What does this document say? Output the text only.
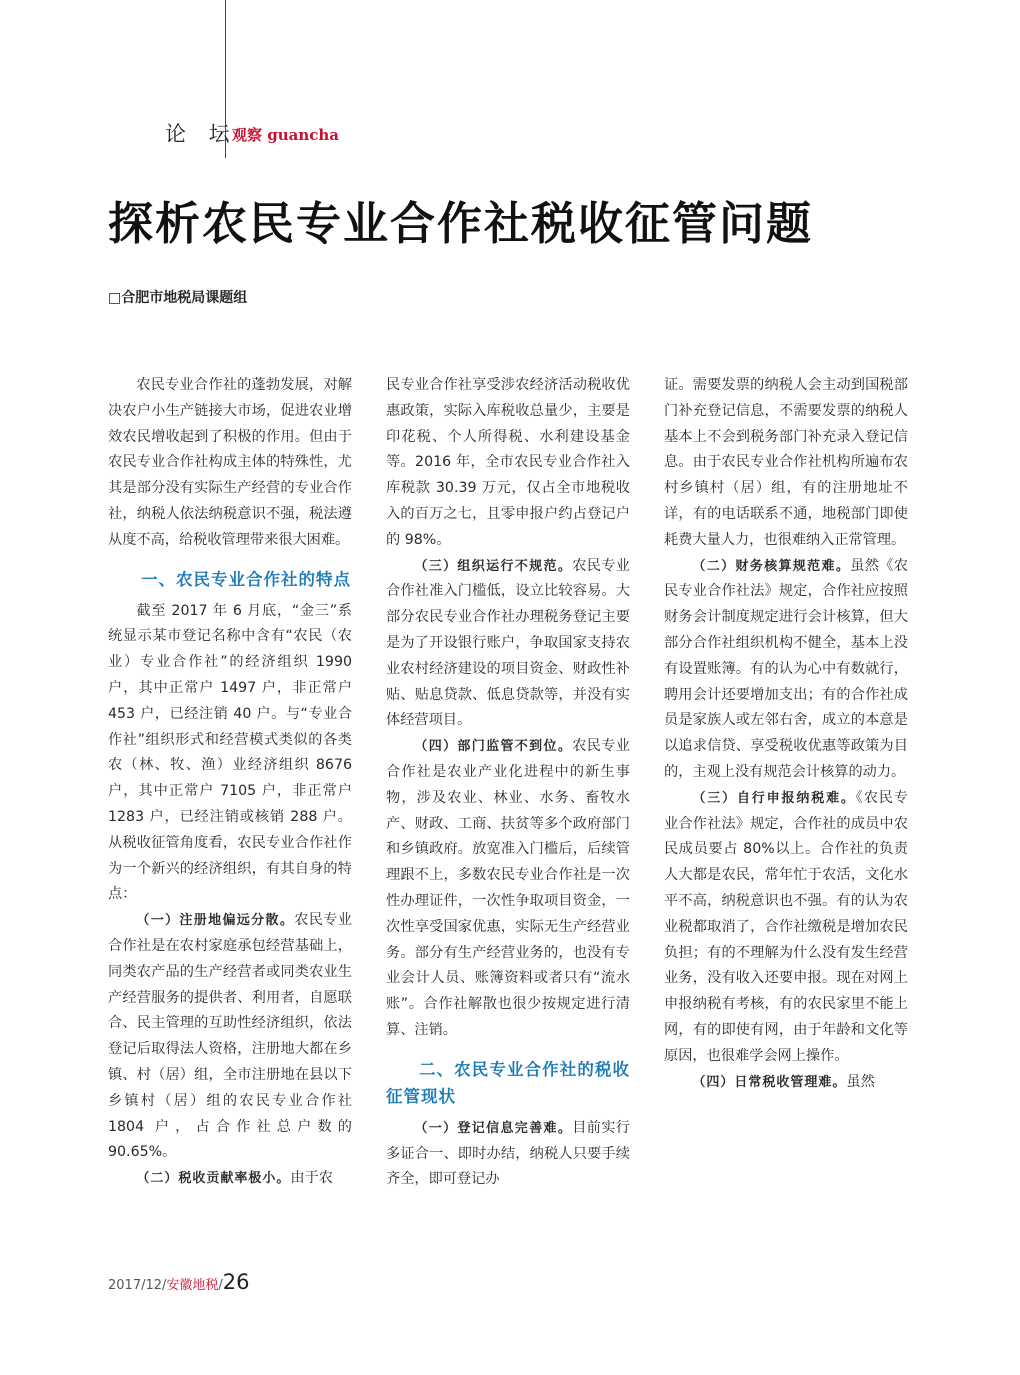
论 坛
观察 guancha
探析农民专业合作社税收征管问题
□合肥市地税局课题组

农民专业合作社的蓬勃发展，对解决农户小生产链接大市场，促进农业增效农民增收起到了积极的作用。但由于农民专业合作社构成主体的特殊性，尤其是部分没有实际生产经营的专业合作社，纳税人依法纳税意识不强，税法遵从度不高，给税收管理带来很大困难。

一、农民专业合作社的特点

截至 2017 年 6 月底，“金三”系统显示某市登记名称中含有“农民（农业）专业合作社”的经济组织 1990 户，其中正常户 1497 户，非正常户 453 户，已经注销 40 户。与“专业合作社”组织形式和经营模式类似的各类农（林、牧、渔）业经济组织 8676 户，其中正常户 7105 户，非正常户 1283 户，已经注销或核销 288 户。从税收征管角度看，农民专业合作社作为一个新兴的经济组织，有其自身的特点：

（一）注册地偏远分散。农民专业合作社是在农村家庭承包经营基础上，同类农产品的生产经营者或同类农业生产经营服务的提供者、利用者，自愿联合、民主管理的互助性经济组织，依法登记后取得法人资格，注册地大都在乡镇、村（居）组，全市注册地在县以下乡镇村（居）组的农民专业合作社 1804 户，占合作社总户数的 90.65%。

（二）税收贡献率极小。由于农

民专业合作社享受涉农经济活动税收优惠政策，实际入库税收总量少，主要是印花税、个人所得税、水利建设基金等。2016 年，全市农民专业合作社入库税款 30.39 万元，仅占全市地税收入的百万之七，且零申报户约占登记户的 98%。

（三）组织运行不规范。农民专业合作社准入门槛低，设立比较容易。大部分农民专业合作社办理税务登记主要是为了开设银行账户，争取国家支持农业农村经济建设的项目资金、财政性补贴、贴息贷款、低息贷款等，并没有实体经营项目。

（四）部门监管不到位。农民专业合作社是农业产业化进程中的新生事物，涉及农业、林业、水务、畜牧水产、财政、工商、扶贫等多个政府部门和乡镇政府。放宽准入门槛后，后续管理跟不上，多数农民专业合作社是一次性办理证件，一次性争取项目资金，一次性享受国家优惠，实际无生产经营业务。部分有生产经营业务的，也没有专业会计人员、账簿资料或者只有“流水账”。合作社解散也很少按规定进行清算、注销。

二、农民专业合作社的税收征管现状

（一）登记信息完善难。目前实行多证合一、即时办结，纳税人只要手续齐全，即可登记办

证。需要发票的纳税人会主动到国税部门补充登记信息，不需要发票的纳税人基本上不会到税务部门补充录入登记信息。由于农民专业合作社机构所遍布农村乡镇村（居）组，有的注册地址不详，有的电话联系不通，地税部门即使耗费大量人力，也很难纳入正常管理。

（二）财务核算规范难。虽然《农民专业合作社法》规定，合作社应按照财务会计制度规定进行会计核算，但大部分合作社组织机构不健全，基本上没有设置账簿。有的认为心中有数就行，聘用会计还要增加支出；有的合作社成员是家族人或左邻右舍，成立的本意是以追求信贷、享受税收优惠等政策为目的，主观上没有规范会计核算的动力。

（三）自行申报纳税难。《农民专业合作社法》规定，合作社的成员中农民成员要占 80%以上。合作社的负责人大都是农民，常年忙于农活，文化水平不高，纳税意识也不强。有的认为农业税都取消了，合作社缴税是增加农民负担；有的不理解为什么没有发生经营业务，没有收入还要申报。现在对网上申报纳税有考核，有的农民家里不能上网，有的即使有网，由于年龄和文化等原因，也很难学会网上操作。

（四）日常税收管理难。虽然

2017/12/安徽地税/26
